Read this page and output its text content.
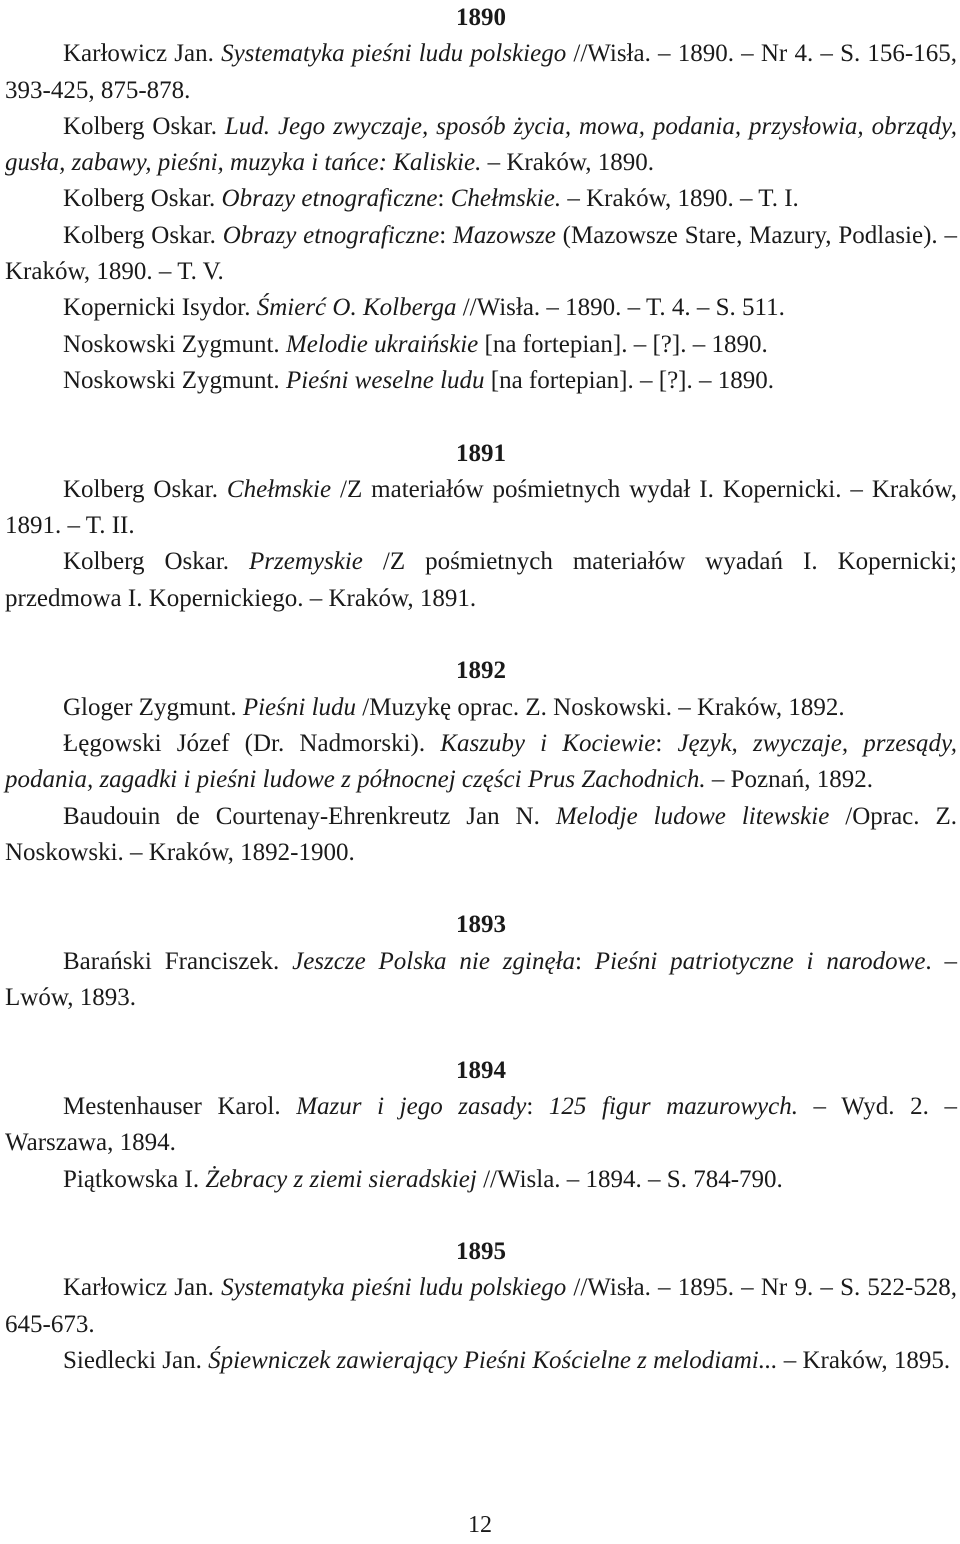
1890

Karłowicz Jan. Systematyka pieśni ludu polskiego //Wisła. – 1890. – Nr 4. – S. 156-165, 393-425, 875-878.

Kolberg Oskar. Lud. Jego zwyczaje, sposób życia, mowa, podania, przysłowia, obrządy, gusła, zabawy, pieśni, muzyka i tańce: Kaliskie. – Kraków, 1890.

Kolberg Oskar. Obrazy etnograficzne: Chełmskie. – Kraków, 1890. – T. I.

Kolberg Oskar. Obrazy etnograficzne: Mazowsze (Mazowsze Stare, Mazury, Podlasie). – Kraków, 1890. – T. V.

Kopernicki Isydor. Śmierć O. Kolberga //Wisła. – 1890. – T. 4. – S. 511.

Noskowski Zygmunt. Melodie ukraińskie [na fortepian]. – [?]. – 1890.

Noskowski Zygmunt. Pieśni weselne ludu [na fortepian]. – [?]. – 1890.

1891

Kolberg Oskar. Chełmskie /Z materiałów pośmietnych wydał I. Kopernicki. – Kraków, 1891. – T. II.

Kolberg Oskar. Przemyskie /Z pośmietnych materiałów wyadań I. Kopernicki; przedmowa I. Kopernickiego. – Kraków, 1891.

1892

Gloger Zygmunt. Pieśni ludu /Muzykę oprac. Z. Noskowski. – Kraków, 1892.

Łęgowski Józef (Dr. Nadmorski). Kaszuby i Kociewie: Język, zwyczaje, przesądy, podania, zagadki i pieśni ludowe z północnej części Prus Zachodnich. – Poznań, 1892.

Baudouin de Courtenay-Ehrenkreutz Jan N. Melodje ludowe litewskie /Oprac. Z. Noskowski. – Kraków, 1892-1900.

1893

Barański Franciszek. Jeszcze Polska nie zginęła: Pieśni patriotyczne i narodowe. – Lwów, 1893.

1894

Mestenhauser Karol. Mazur i jego zasady: 125 figur mazurowych. – Wyd. 2. – Warszawa, 1894.

Piątkowska I. Żebracy z ziemi sieradskiej //Wisla. – 1894. – S. 784-790.

1895

Karłowicz Jan. Systematyka pieśni ludu polskiego //Wisła. – 1895. – Nr 9. – S. 522-528, 645-673.

Siedlecki Jan. Śpiewniczek zawierający Pieśni Kościelne z melodiami... – Kraków, 1895.

12
